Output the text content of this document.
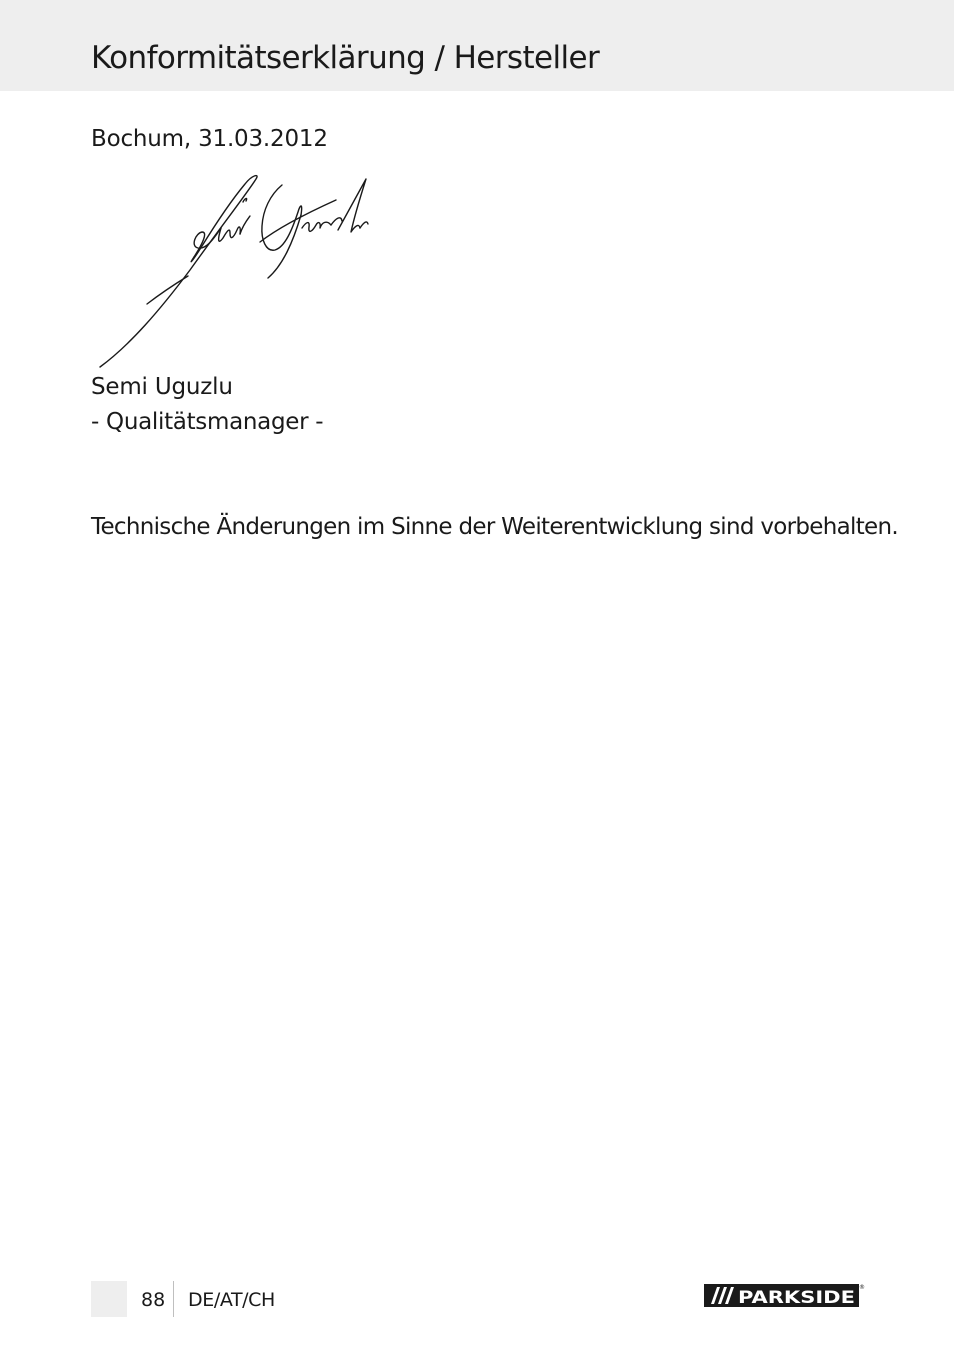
Konformitätserklärung / Hersteller
Bochum, 31.03.2012
Semi Uguzlu
- Qualitätsmanager -
Technische Änderungen im Sinne der Weiterentwicklung sind vorbehalten.
88 DE/AT/CH	PARKSIDE
®
